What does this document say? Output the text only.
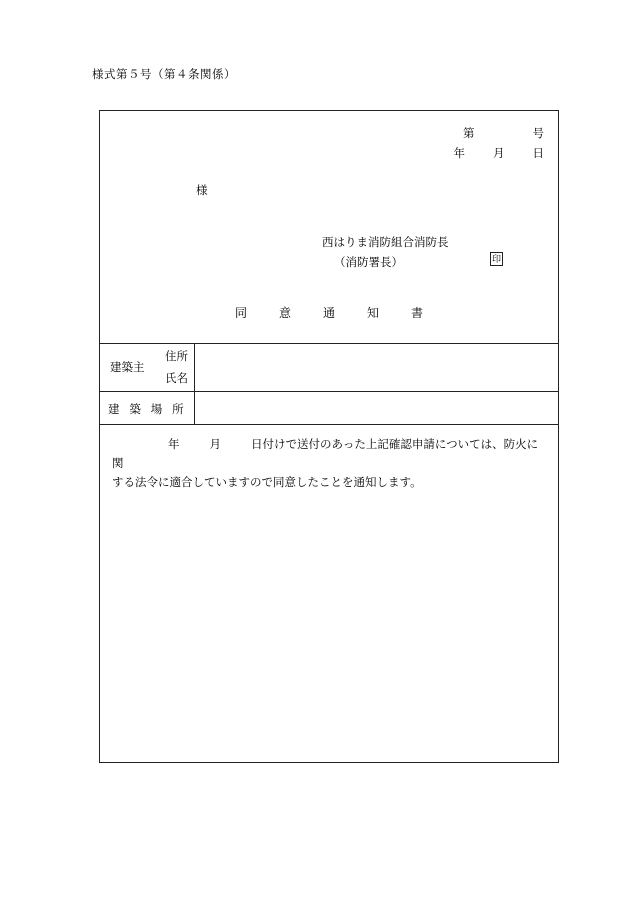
様式第５号（第４条関係）
第	号
年 月 日
様
西はりま消防組合消防長
（消防署長）	印
同　意　通　知　書
建築主
住所
氏名
建 築 場 所
年	月	日付けで送付のあった上記確認申請については、防火に関
する法令に適合していますので同意したことを通知します。
